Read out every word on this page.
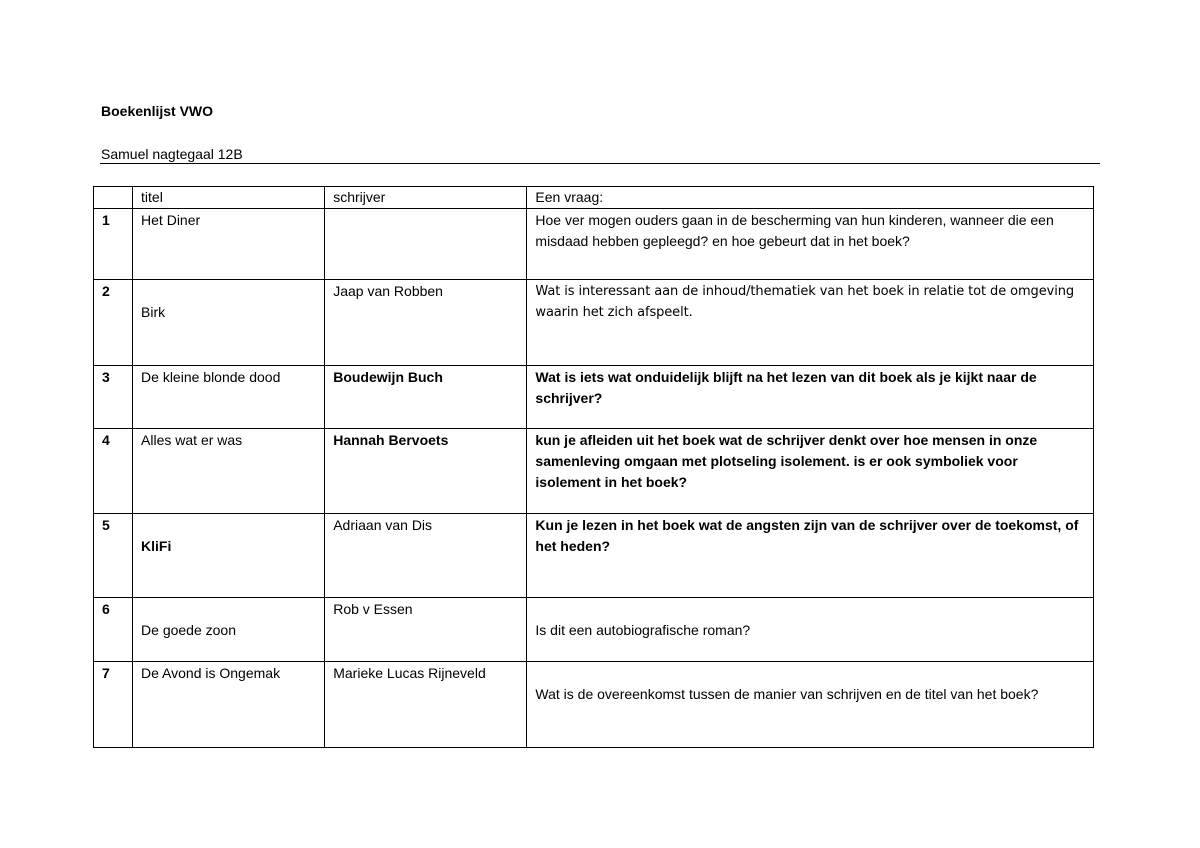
Boekenlijst VWO
Samuel nagtegaal 12B
	titel	schrijver	Een vraag:
1	Het Diner		Hoe ver mogen ouders gaan in de bescherming van hun kinderen, wanneer die een misdaad hebben gepleegd? en hoe gebeurt dat in het boek?
2	Birk	Jaap van Robben	Wat is interessant aan de inhoud/thematiek van het boek in relatie tot de omgeving waarin het zich afspeelt.
3	De kleine blonde dood	Boudewijn Buch	Wat is iets wat onduidelijk blijft na het lezen van dit boek als je kijkt naar de schrijver?
4	Alles wat er was	Hannah Bervoets	kun je afleiden uit het boek wat de schrijver denkt over hoe mensen in onze samenleving omgaan met plotseling isolement. is er ook symboliek voor isolement in het boek?
5	KliFi	Adriaan van Dis	Kun je lezen in het boek wat de angsten zijn van de schrijver over de toekomst, of het heden?
6	De goede zoon	Rob v Essen	Is dit een autobiografische roman?
7	De Avond is Ongemak	Marieke Lucas Rijneveld	Wat is de overeenkomst tussen de manier van schrijven en de titel van het boek?
